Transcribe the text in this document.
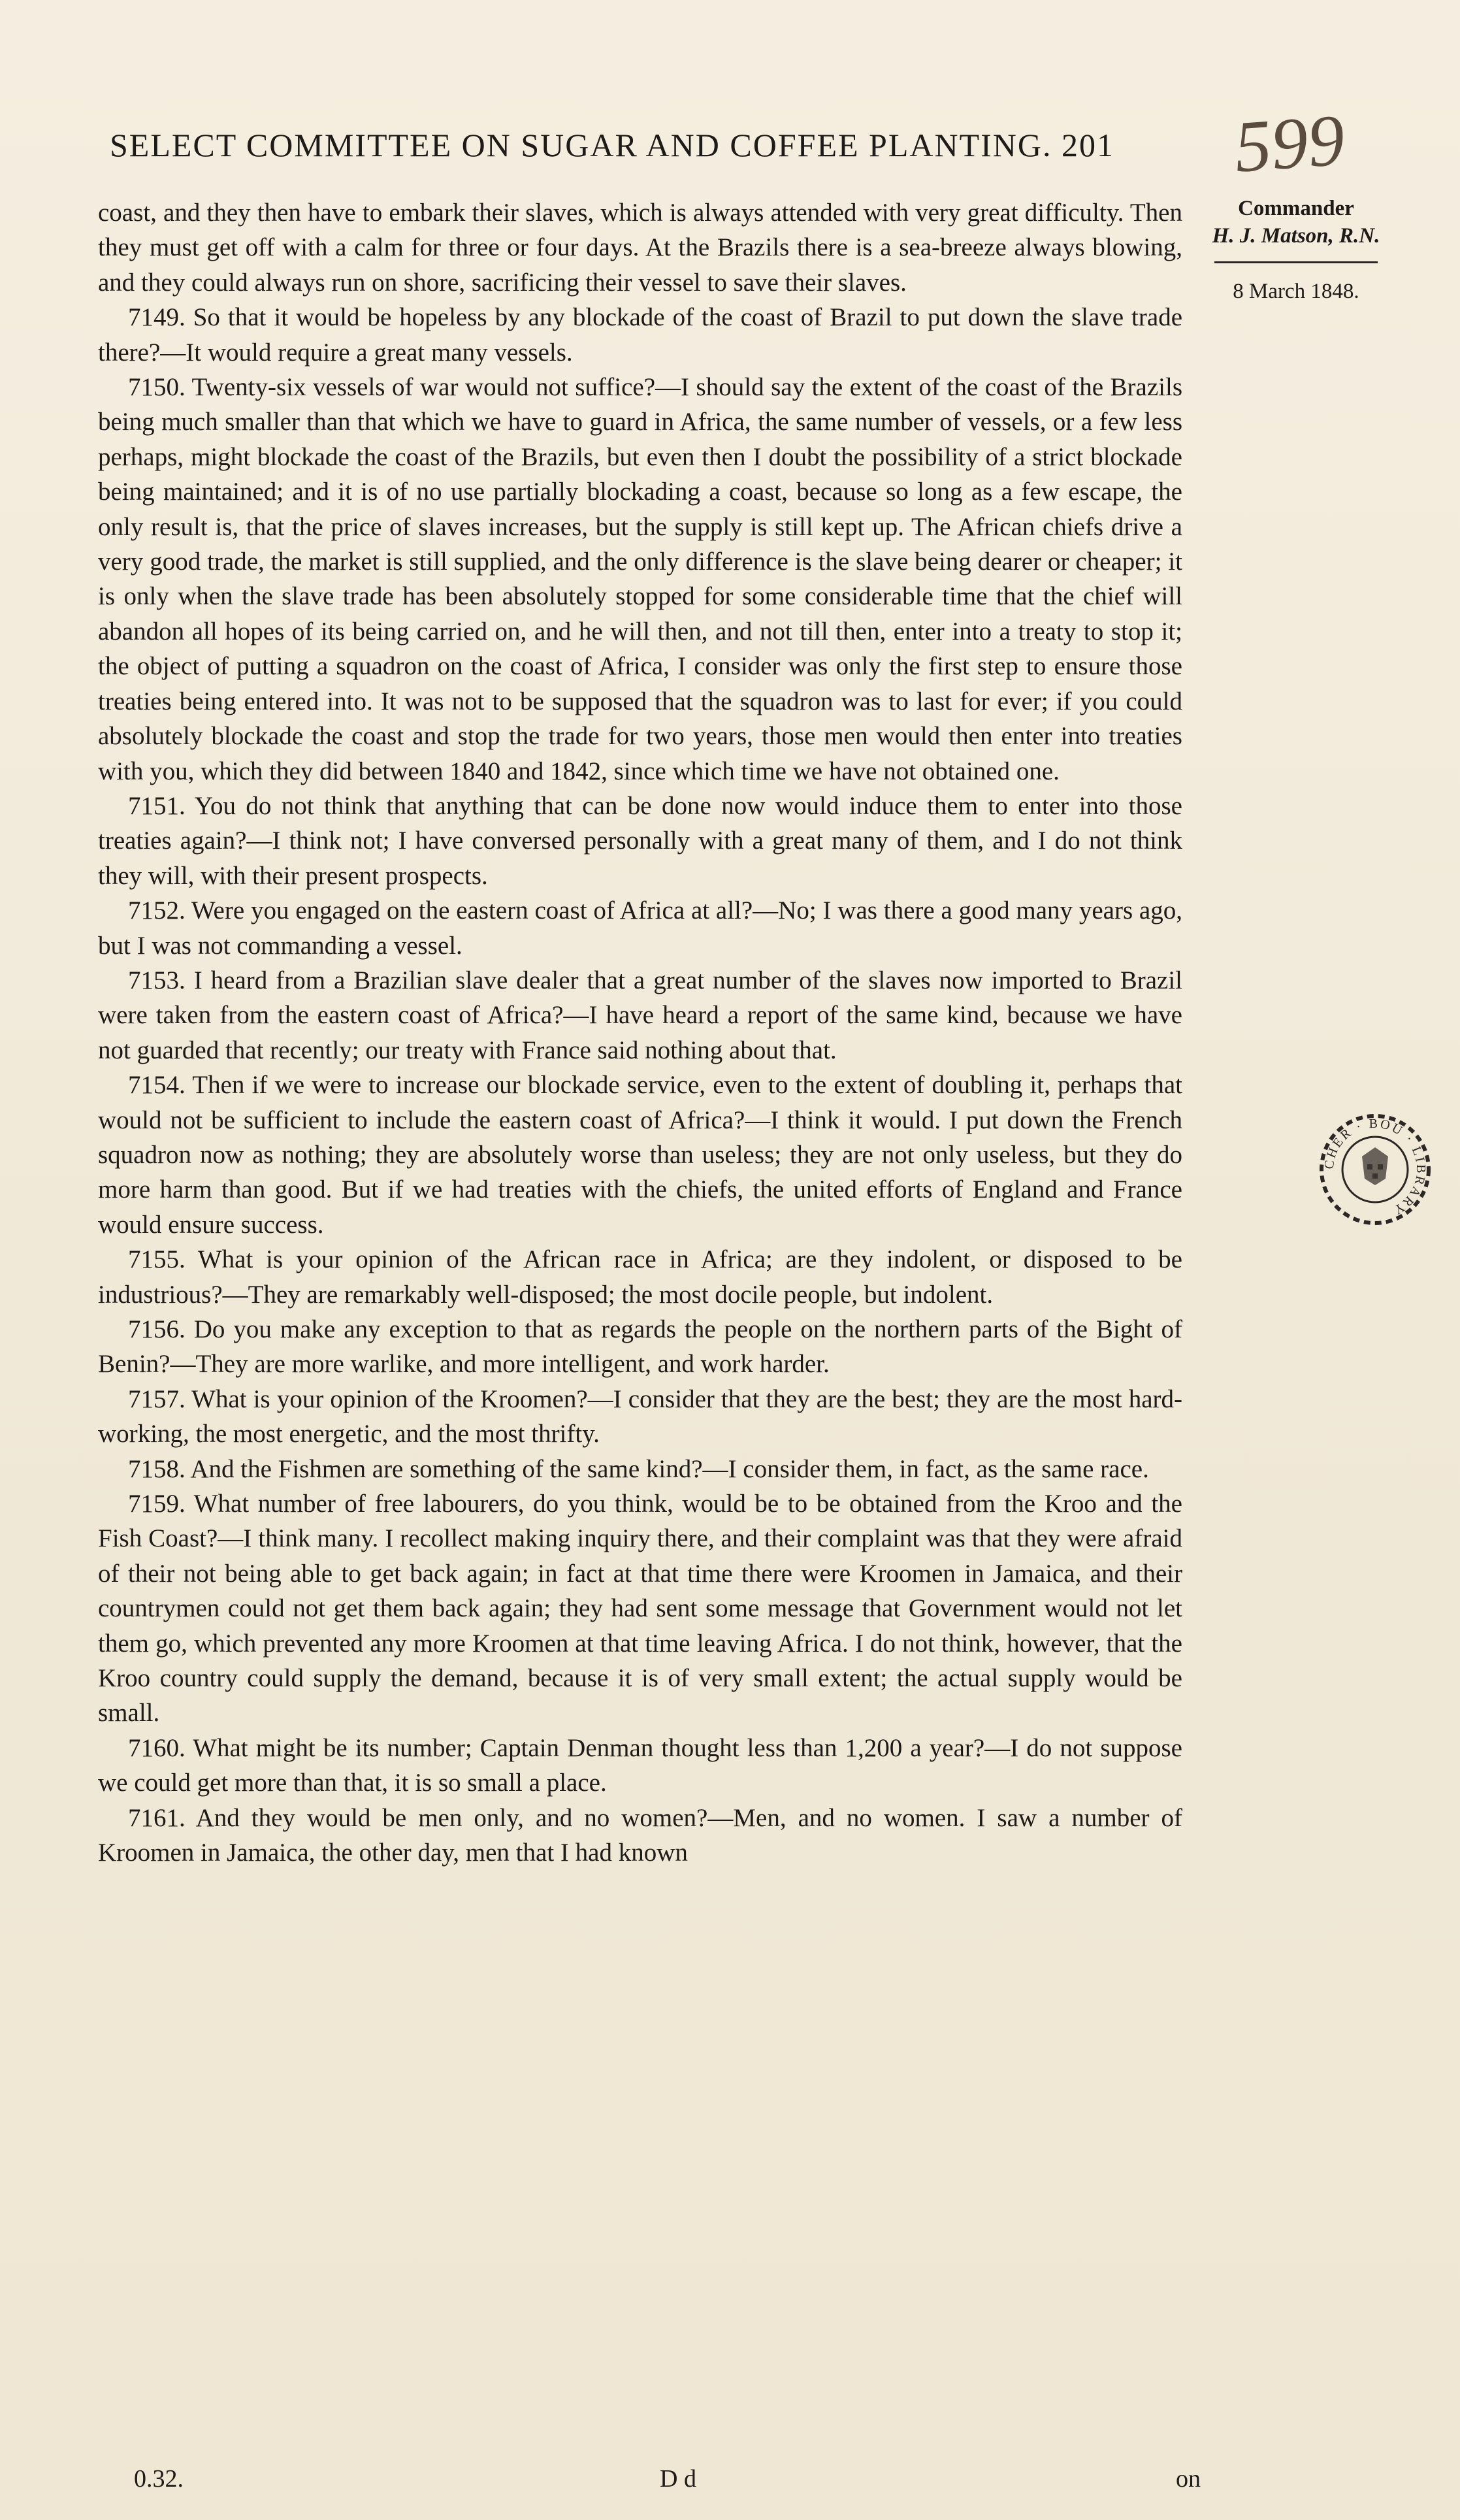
SELECT COMMITTEE ON SUGAR AND COFFEE PLANTING. 201	599
Commander
H. J. Matson, R.N.
8 March 1848.

coast, and they then have to embark their slaves, which is always attended with very great difficulty. Then they must get off with a calm for three or four days. At the Brazils there is a sea-breeze always blowing, and they could always run on shore, sacrificing their vessel to save their slaves.

7149. So that it would be hopeless by any blockade of the coast of Brazil to put down the slave trade there?—It would require a great many vessels.

7150. Twenty-six vessels of war would not suffice?—I should say the extent of the coast of the Brazils being much smaller than that which we have to guard in Africa, the same number of vessels, or a few less perhaps, might blockade the coast of the Brazils, but even then I doubt the possibility of a strict blockade being maintained; and it is of no use partially blockading a coast, because so long as a few escape, the only result is, that the price of slaves increases, but the supply is still kept up. The African chiefs drive a very good trade, the market is still supplied, and the only difference is the slave being dearer or cheaper; it is only when the slave trade has been absolutely stopped for some considerable time that the chief will abandon all hopes of its being carried on, and he will then, and not till then, enter into a treaty to stop it; the object of putting a squadron on the coast of Africa, I consider was only the first step to ensure those treaties being entered into. It was not to be supposed that the squadron was to last for ever; if you could absolutely blockade the coast and stop the trade for two years, those men would then enter into treaties with you, which they did between 1840 and 1842, since which time we have not obtained one.

7151. You do not think that anything that can be done now would induce them to enter into those treaties again?—I think not; I have conversed personally with a great many of them, and I do not think they will, with their present prospects.

7152. Were you engaged on the eastern coast of Africa at all?—No; I was there a good many years ago, but I was not commanding a vessel.

7153. I heard from a Brazilian slave dealer that a great number of the slaves now imported to Brazil were taken from the eastern coast of Africa?—I have heard a report of the same kind, because we have not guarded that recently; our treaty with France said nothing about that.

7154. Then if we were to increase our blockade service, even to the extent of doubling it, perhaps that would not be sufficient to include the eastern coast of Africa?—I think it would. I put down the French squadron now as nothing; they are absolutely worse than useless; they are not only useless, but they do more harm than good. But if we had treaties with the chiefs, the united efforts of England and France would ensure success.

7155. What is your opinion of the African race in Africa; are they indolent, or disposed to be industrious?—They are remarkably well-disposed; the most docile people, but indolent.

7156. Do you make any exception to that as regards the people on the northern parts of the Bight of Benin?—They are more warlike, and more intelligent, and work harder.

7157. What is your opinion of the Kroomen?—I consider that they are the best; they are the most hard-working, the most energetic, and the most thrifty.

7158. And the Fishmen are something of the same kind?—I consider them, in fact, as the same race.

7159. What number of free labourers, do you think, would be to be obtained from the Kroo and the Fish Coast?—I think many. I recollect making inquiry there, and their complaint was that they were afraid of their not being able to get back again; in fact at that time there were Kroomen in Jamaica, and their countrymen could not get them back again; they had sent some message that Government would not let them go, which prevented any more Kroomen at that time leaving Africa. I do not think, however, that the Kroo country could supply the demand, because it is of very small extent; the actual supply would be small.

7160. What might be its number; Captain Denman thought less than 1,200 a year?—I do not suppose we could get more than that, it is so small a place.

7161. And they would be men only, and no women?—Men, and no women. I saw a number of Kroomen in Jamaica, the other day, men that I had known

0.32.	D d	on
CHER · BOU · LIBRARY
